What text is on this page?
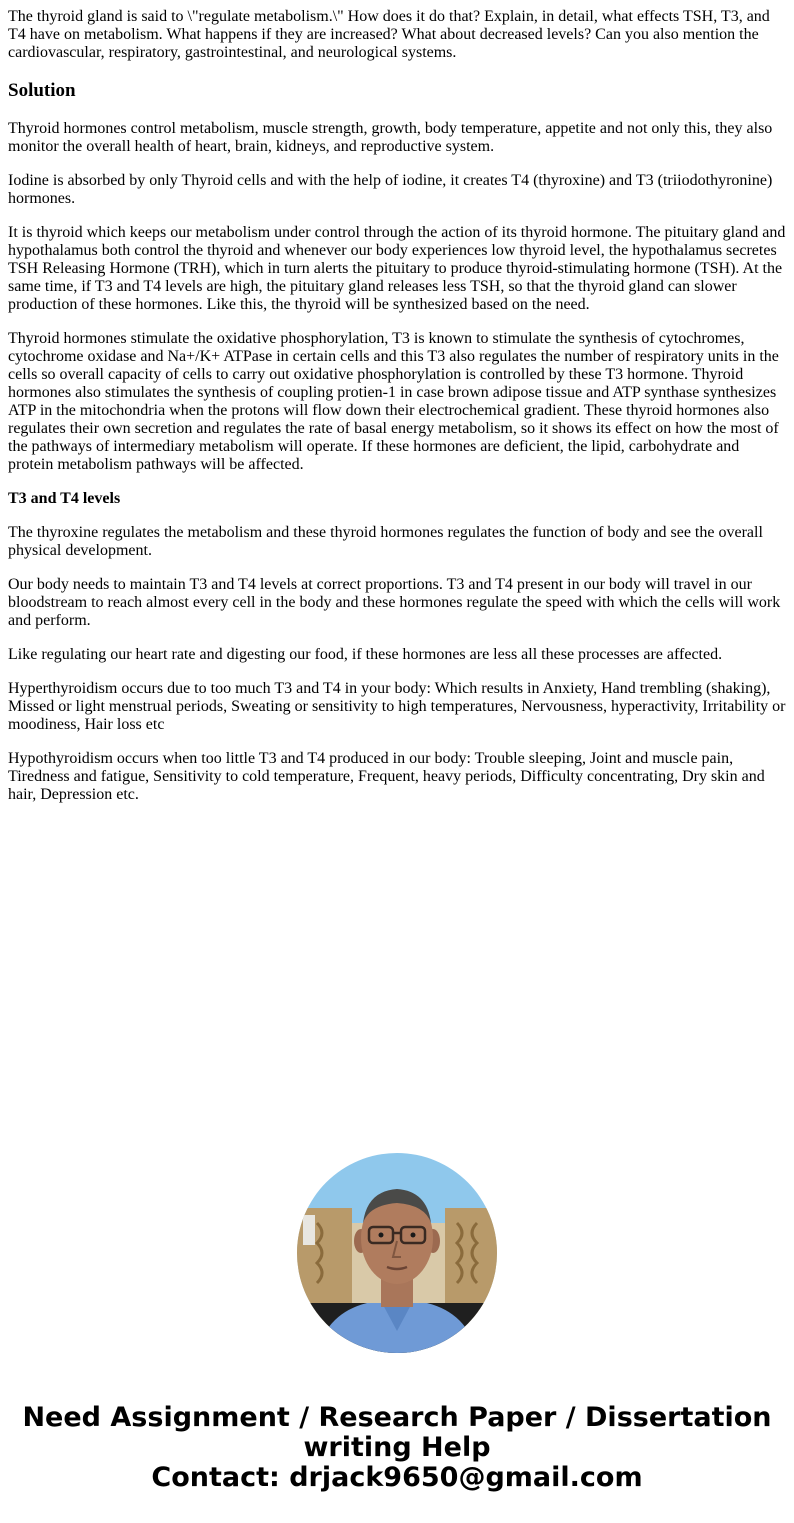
The thyroid gland is said to \"regulate metabolism.\" How does it do that? Explain, in detail, what effects TSH, T3, and T4 have on metabolism. What happens if they are increased? What about decreased levels? Can you also mention the cardiovascular, respiratory, gastrointestinal, and neurological systems.

Solution

Thyroid hormones control metabolism, muscle strength, growth, body temperature, appetite and not only this, they also monitor the overall health of heart, brain, kidneys, and reproductive system.

Iodine is absorbed by only Thyroid cells and with the help of iodine, it creates T4 (thyroxine) and T3 (triiodothyronine) hormones.

It is thyroid which keeps our metabolism under control through the action of its thyroid hormone. The pituitary gland and hypothalamus both control the thyroid and whenever our body experiences low thyroid level, the hypothalamus secretes TSH Releasing Hormone (TRH), which in turn alerts the pituitary to produce thyroid-stimulating hormone (TSH). At the same time, if T3 and T4 levels are high, the pituitary gland releases less TSH, so that the thyroid gland can slower production of these hormones. Like this, the thyroid will be synthesized based on the need.

Thyroid hormones stimulate the oxidative phosphorylation, T3 is known to stimulate the synthesis of cytochromes, cytochrome oxidase and Na+/K+ ATPase in certain cells and this T3 also regulates the number of respiratory units in the cells so overall capacity of cells to carry out oxidative phosphorylation is controlled by these T3 hormone. Thyroid hormones also stimulates the synthesis of coupling protien-1 in case brown adipose tissue and ATP synthase synthesizes ATP in the mitochondria when the protons will flow down their electrochemical gradient. These thyroid hormones also regulates their own secretion and regulates the rate of basal energy metabolism, so it shows its effect on how the most of the pathways of intermediary metabolism will operate. If these hormones are deficient, the lipid, carbohydrate and protein metabolism pathways will be affected.

T3 and T4 levels

The thyroxine regulates the metabolism and these thyroid hormones regulates the function of body and see the overall physical development.

Our body needs to maintain T3 and T4 levels at correct proportions. T3 and T4 present in our body will travel in our bloodstream to reach almost every cell in the body and these hormones regulate the speed with which the cells will work and perform.

Like regulating our heart rate and digesting our food, if these hormones are less all these processes are affected.

Hyperthyroidism occurs due to too much T3 and T4 in your body: Which results in Anxiety, Hand trembling (shaking), Missed or light menstrual periods, Sweating or sensitivity to high temperatures, Nervousness, hyperactivity, Irritability or moodiness, Hair loss etc

Hypothyroidism occurs when too little T3 and T4 produced in our body: Trouble sleeping, Joint and muscle pain, Tiredness and fatigue, Sensitivity to cold temperature, Frequent, heavy periods, Difficulty concentrating, Dry skin and hair, Depression etc.

Need Assignment / Research Paper / Dissertation
writing Help
Contact: drjack9650@gmail.com
